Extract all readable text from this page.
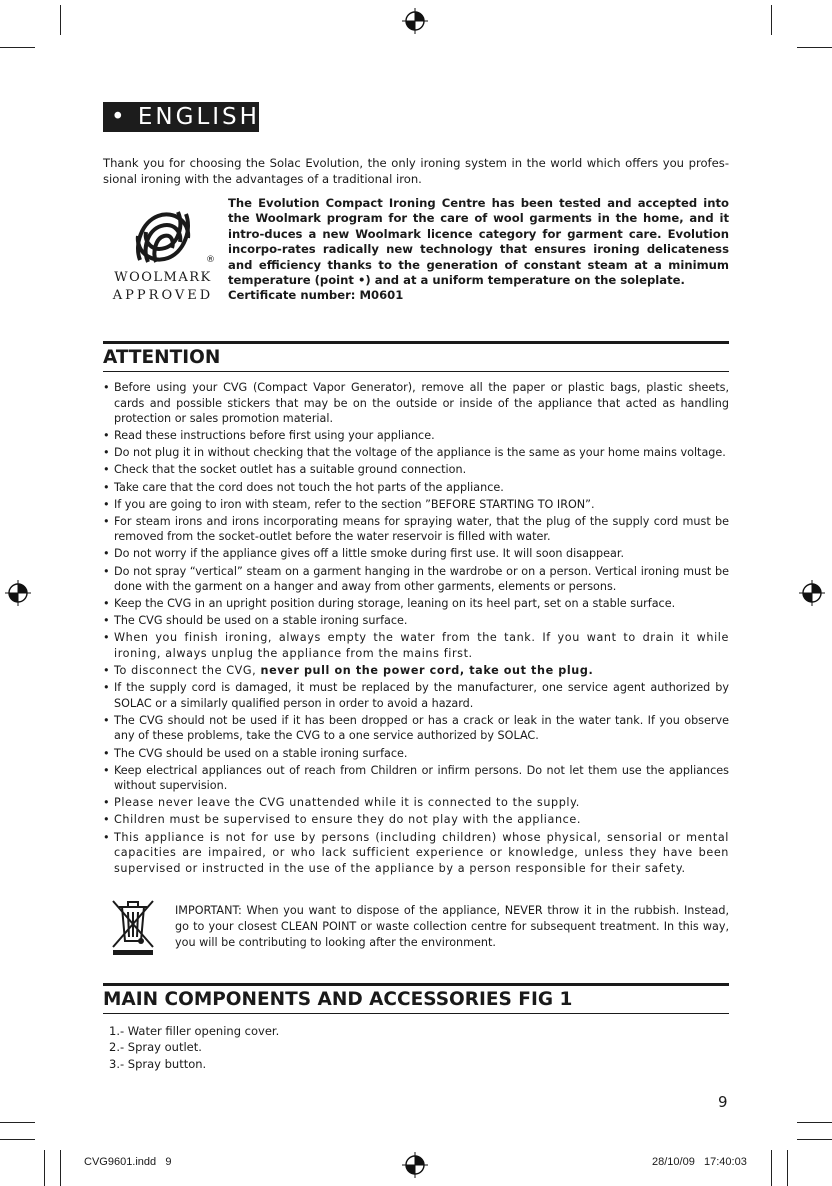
• ENGLISH
Thank you for choosing the Solac Evolution, the only ironing system in the world which offers you profes-sional ironing with the advantages of a traditional iron.
®
WOOLMARK
APPROVED

The Evolution Compact Ironing Centre has been tested and accepted into the Woolmark program for the care of wool garments in the home, and it intro-duces a new Woolmark licence category for garment care. Evolution incorpo-rates radically new technology that ensures ironing delicateness and efficiency thanks to the generation of constant steam at a minimum temperature (point •) and at a uniform temperature on the soleplate.

Certificate number: M0601

ATTENTION
• Before using your CVG (Compact Vapor Generator), remove all the paper or plastic bags, plastic sheets, cards and possible stickers that may be on the outside or inside of the appliance that acted as handling protection or sales promotion material.
• Read these instructions before first using your appliance.
• Do not plug it in without checking that the voltage of the appliance is the same as your home mains voltage.
• Check that the socket outlet has a suitable ground connection.
• Take care that the cord does not touch the hot parts of the appliance.
• If you are going to iron with steam, refer to the section ”BEFORE STARTING TO IRON”.
• For steam irons and irons incorporating means for spraying water, that the plug of the supply cord must be removed from the socket-outlet before the water reservoir is filled with water.
• Do not worry if the appliance gives off a little smoke during first use. It will soon disappear.
• Do not spray “vertical” steam on a garment hanging in the wardrobe or on a person. Vertical ironing must be done with the garment on a hanger and away from other garments, elements or persons.
• Keep the CVG in an upright position during storage, leaning on its heel part, set on a stable surface.
• The CVG should be used on a stable ironing surface.
• When you finish ironing, always empty the water from the tank. If you want to drain it while ironing, always unplug the appliance from the mains first.
• To disconnect the CVG, never pull on the power cord, take out the plug.
• If the supply cord is damaged, it must be replaced by the manufacturer, one service agent authorized by SOLAC or a similarly qualified person in order to avoid a hazard.
• The CVG should not be used if it has been dropped or has a crack or leak in the water tank. If you observe any of these problems, take the CVG to a one service authorized by SOLAC.
• The CVG should be used on a stable ironing surface.
• Keep electrical appliances out of reach from Children or infirm persons. Do not let them use the appliances without supervision.
• Please never leave the CVG unattended while it is connected to the supply.
• Children must be supervised to ensure they do not play with the appliance.
• This appliance is not for use by persons (including children) whose physical, sensorial or mental capacities are impaired, or who lack sufficient experience or knowledge, unless they have been supervised or instructed in the use of the appliance by a person responsible for their safety.
IMPORTANT: When you want to dispose of the appliance, NEVER throw it in the rubbish. Instead, go to your closest CLEAN POINT or waste collection centre for subsequent treatment. In this way, you will be contributing to looking after the environment.
MAIN COMPONENTS AND ACCESSORIES FIG 1
1.- Water filler opening cover.
2.- Spray outlet.
3.- Spray button.
9
CVG9601.indd   9	28/10/09   17:40:03
